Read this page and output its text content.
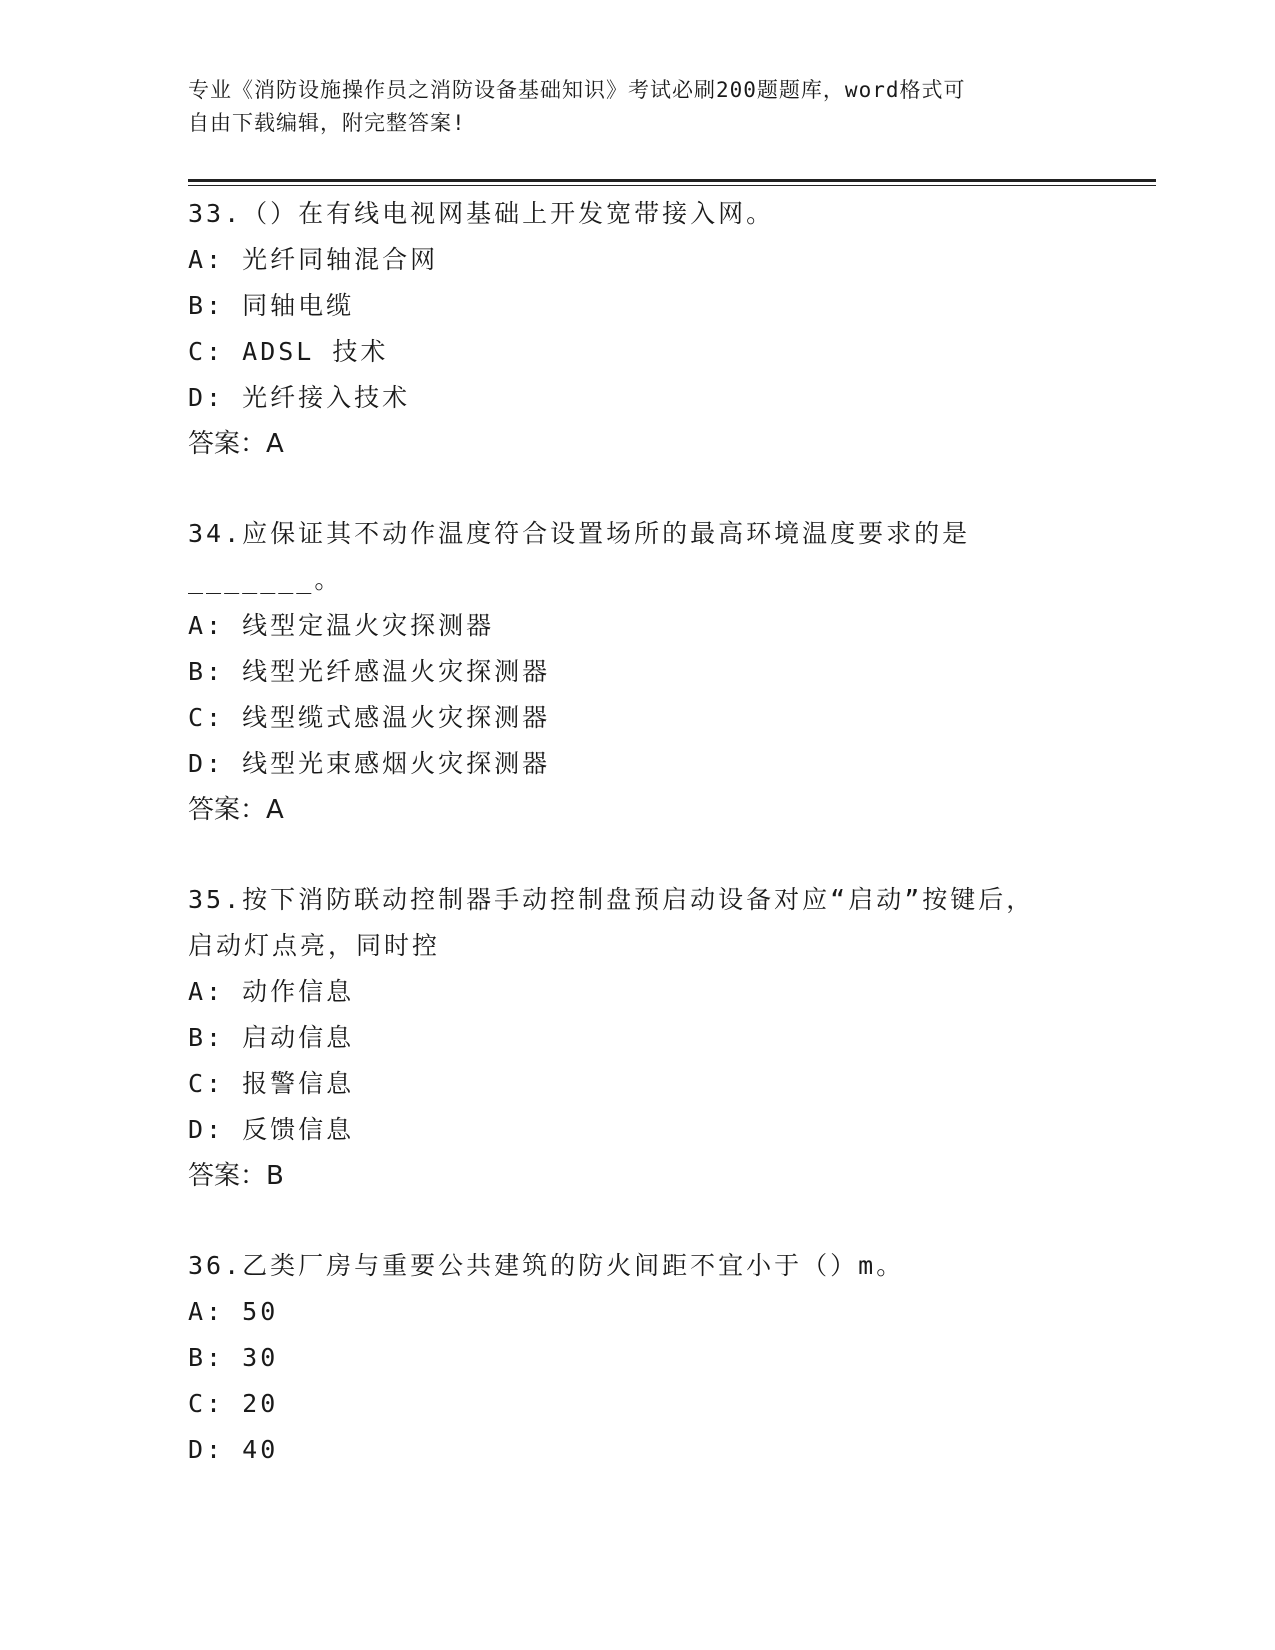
专业《消防设施操作员之消防设备基础知识》考试必刷200题题库，word格式可
自由下载编辑，附完整答案!

33.（）在有线电视网基础上开发宽带接入网。

A: 光纤同轴混合网

B: 同轴电缆

C: ADSL 技术

D: 光纤接入技术

答案：A

34.应保证其不动作温度符合设置场所的最高环境温度要求的是

_______。

A: 线型定温火灾探测器

B: 线型光纤感温火灾探测器

C: 线型缆式感温火灾探测器

D: 线型光束感烟火灾探测器

答案：A

35.按下消防联动控制器手动控制盘预启动设备对应“启动”按键后，

启动灯点亮，同时控

A: 动作信息

B: 启动信息

C: 报警信息

D: 反馈信息

答案：B

36.乙类厂房与重要公共建筑的防火间距不宜小于（）m。

A: 50

B: 30

C: 20

D: 40
